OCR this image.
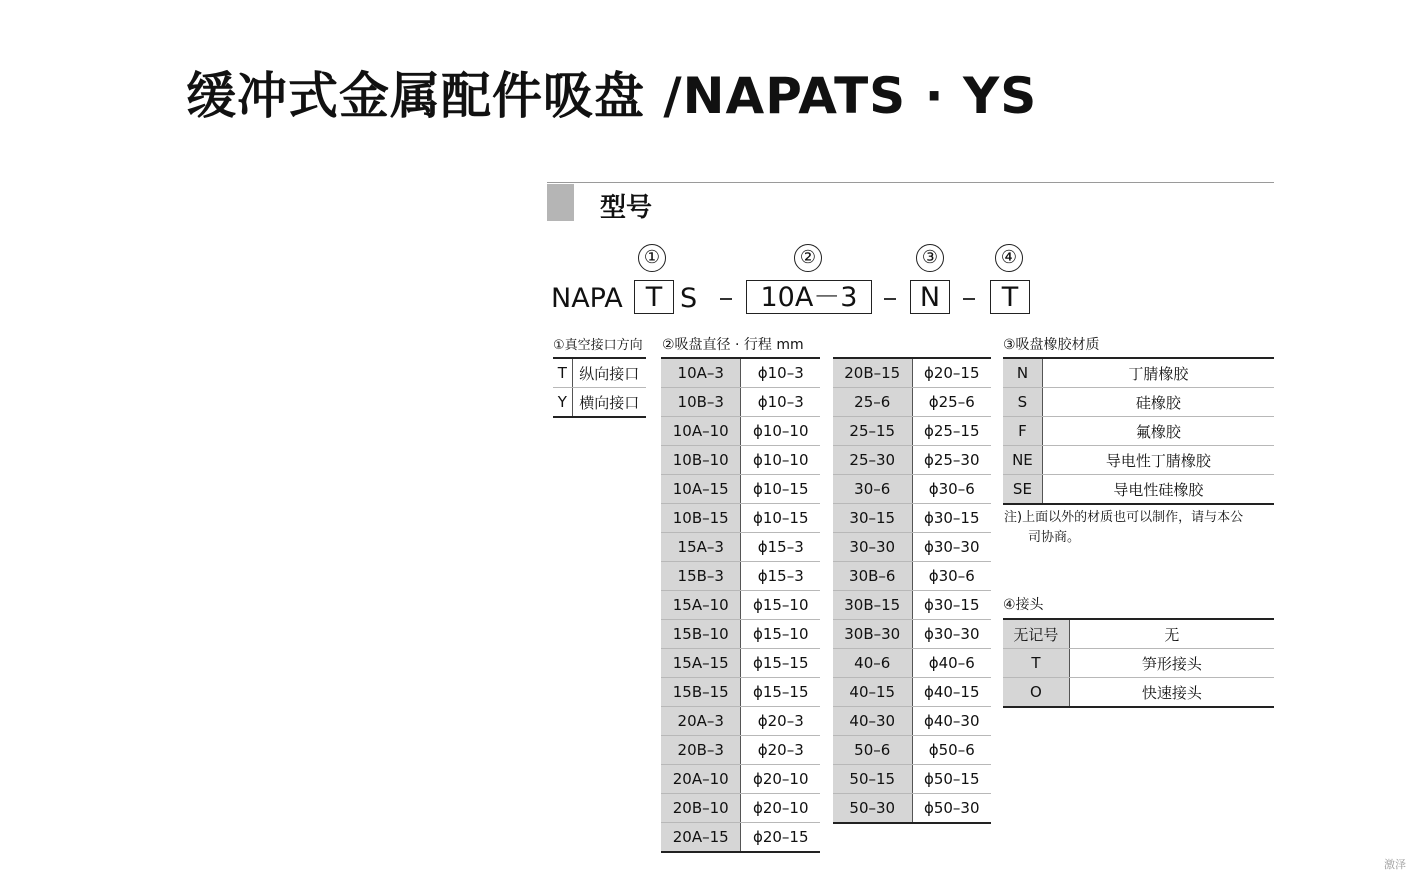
缓冲式金属配件吸盘 /NAPATS · YS
型号
①	②	③	④
NAPA T S	10A－3	N	T
①真空接口方向 ②吸盘直径 · 行程 mm	③吸盘橡胶材质
④接头
T	纵向接口
Y	横向接口
10A–3	ϕ10–3
10B–3	ϕ10–3
10A–10	ϕ10–10
10B–10	ϕ10–10
10A–15	ϕ10–15
10B–15	ϕ10–15
15A–3	ϕ15–3
15B–3	ϕ15–3
15A–10	ϕ15–10
15B–10	ϕ15–10
15A–15	ϕ15–15
15B–15	ϕ15–15
20A–3	ϕ20–3
20B–3	ϕ20–3
20A–10	ϕ20–10
20B–10	ϕ20–10
20A–15	ϕ20–15
20B–15	ϕ20–15
25–6	ϕ25–6
25–15	ϕ25–15
25–30	ϕ25–30
30–6	ϕ30–6
30–15	ϕ30–15
30–30	ϕ30–30
30B–6	ϕ30–6
30B–15	ϕ30–15
30B–30	ϕ30–30
40–6	ϕ40–6
40–15	ϕ40–15
40–30	ϕ40–30
50–6	ϕ50–6
50–15	ϕ50–15
50–30	ϕ50–30
N	丁腈橡胶
S	硅橡胶
F	氟橡胶
NE	导电性丁腈橡胶
SE	导电性硅橡胶
注)上面以外的材质也可以制作，请与本公
司协商。
无记号	无
T	笋形接头
O	快速接头
激泽
